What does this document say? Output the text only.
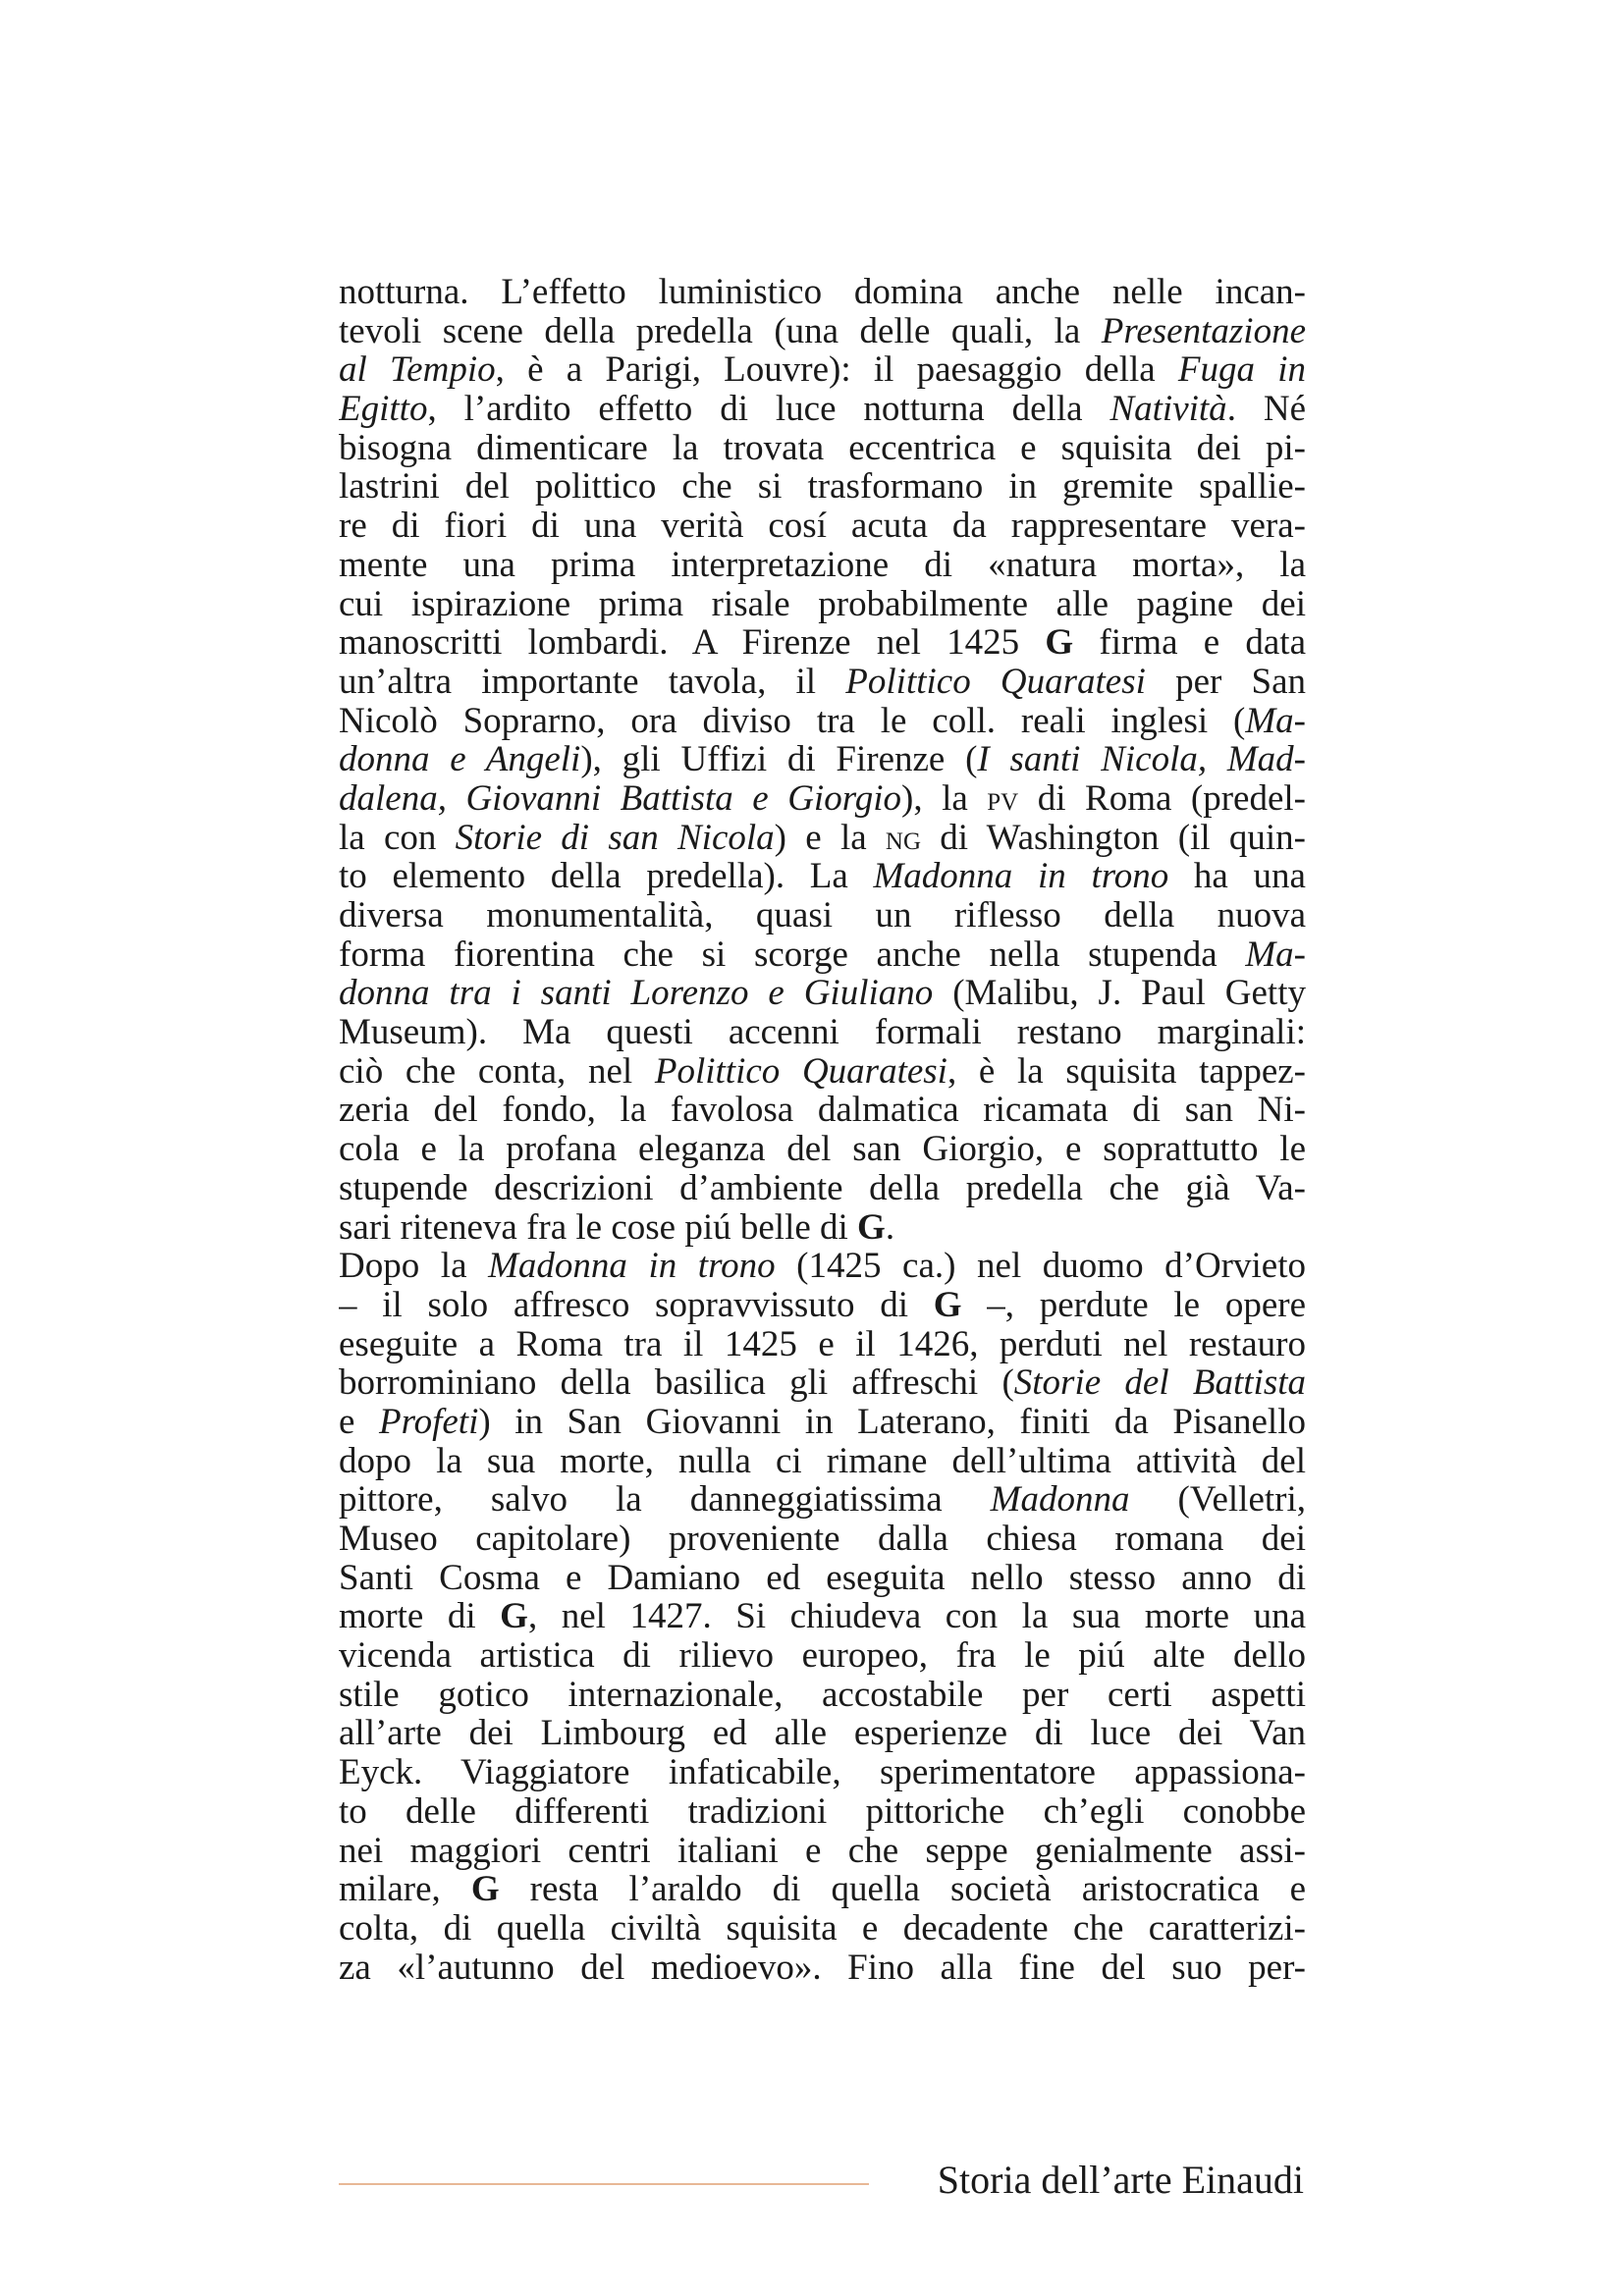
notturna. L’effetto luministico domina anche nelle incan-
tevoli scene della predella (una delle quali, la Presentazione
al Tempio, è a Parigi, Louvre): il paesaggio della Fuga in
Egitto, l’ardito effetto di luce notturna della Natività. Né
bisogna dimenticare la trovata eccentrica e squisita dei pi-
lastrini del polittico che si trasformano in gremite spallie-
re di fiori di una verità cosí acuta da rappresentare vera-
mente una prima interpretazione di «natura morta», la
cui ispirazione prima risale probabilmente alle pagine dei
manoscritti lombardi. A Firenze nel 1425 G firma e data
un’altra importante tavola, il Polittico Quaratesi per San
Nicolò Soprarno, ora diviso tra le coll. reali inglesi (Ma-
donna e Angeli), gli Uffizi di Firenze (I santi Nicola, Mad-
dalena, Giovanni Battista e Giorgio), la pv di Roma (predel-
la con Storie di san Nicola) e la ng di Washington (il quin-
to elemento della predella). La Madonna in trono ha una
diversa monumentalità, quasi un riflesso della nuova
forma fiorentina che si scorge anche nella stupenda Ma-
donna tra i santi Lorenzo e Giuliano (Malibu, J. Paul Getty
Museum). Ma questi accenni formali restano marginali:
ciò che conta, nel Polittico Quaratesi, è la squisita tappez-
zeria del fondo, la favolosa dalmatica ricamata di san Ni-
cola e la profana eleganza del san Giorgio, e soprattutto le
stupende descrizioni d’ambiente della predella che già Va-
sari riteneva fra le cose piú belle di G.
Dopo la Madonna in trono (1425 ca.) nel duomo d’Orvieto
– il solo affresco sopravvissuto di G –, perdute le opere
eseguite a Roma tra il 1425 e il 1426, perduti nel restauro
borrominiano della basilica gli affreschi (Storie del Battista
e Profeti) in San Giovanni in Laterano, finiti da Pisanello
dopo la sua morte, nulla ci rimane dell’ultima attività del
pittore, salvo la danneggiatissima Madonna (Velletri,
Museo capitolare) proveniente dalla chiesa romana dei
Santi Cosma e Damiano ed eseguita nello stesso anno di
morte di G, nel 1427. Si chiudeva con la sua morte una
vicenda artistica di rilievo europeo, fra le piú alte dello
stile gotico internazionale, accostabile per certi aspetti
all’arte dei Limbourg ed alle esperienze di luce dei Van
Eyck. Viaggiatore infaticabile, sperimentatore appassiona-
to delle differenti tradizioni pittoriche ch’egli conobbe
nei maggiori centri italiani e che seppe genialmente assi-
milare, G resta l’araldo di quella società aristocratica e
colta, di quella civiltà squisita e decadente che caratterizi-
za «l’autunno del medioevo». Fino alla fine del suo per-
Storia dell’arte Einaudi
